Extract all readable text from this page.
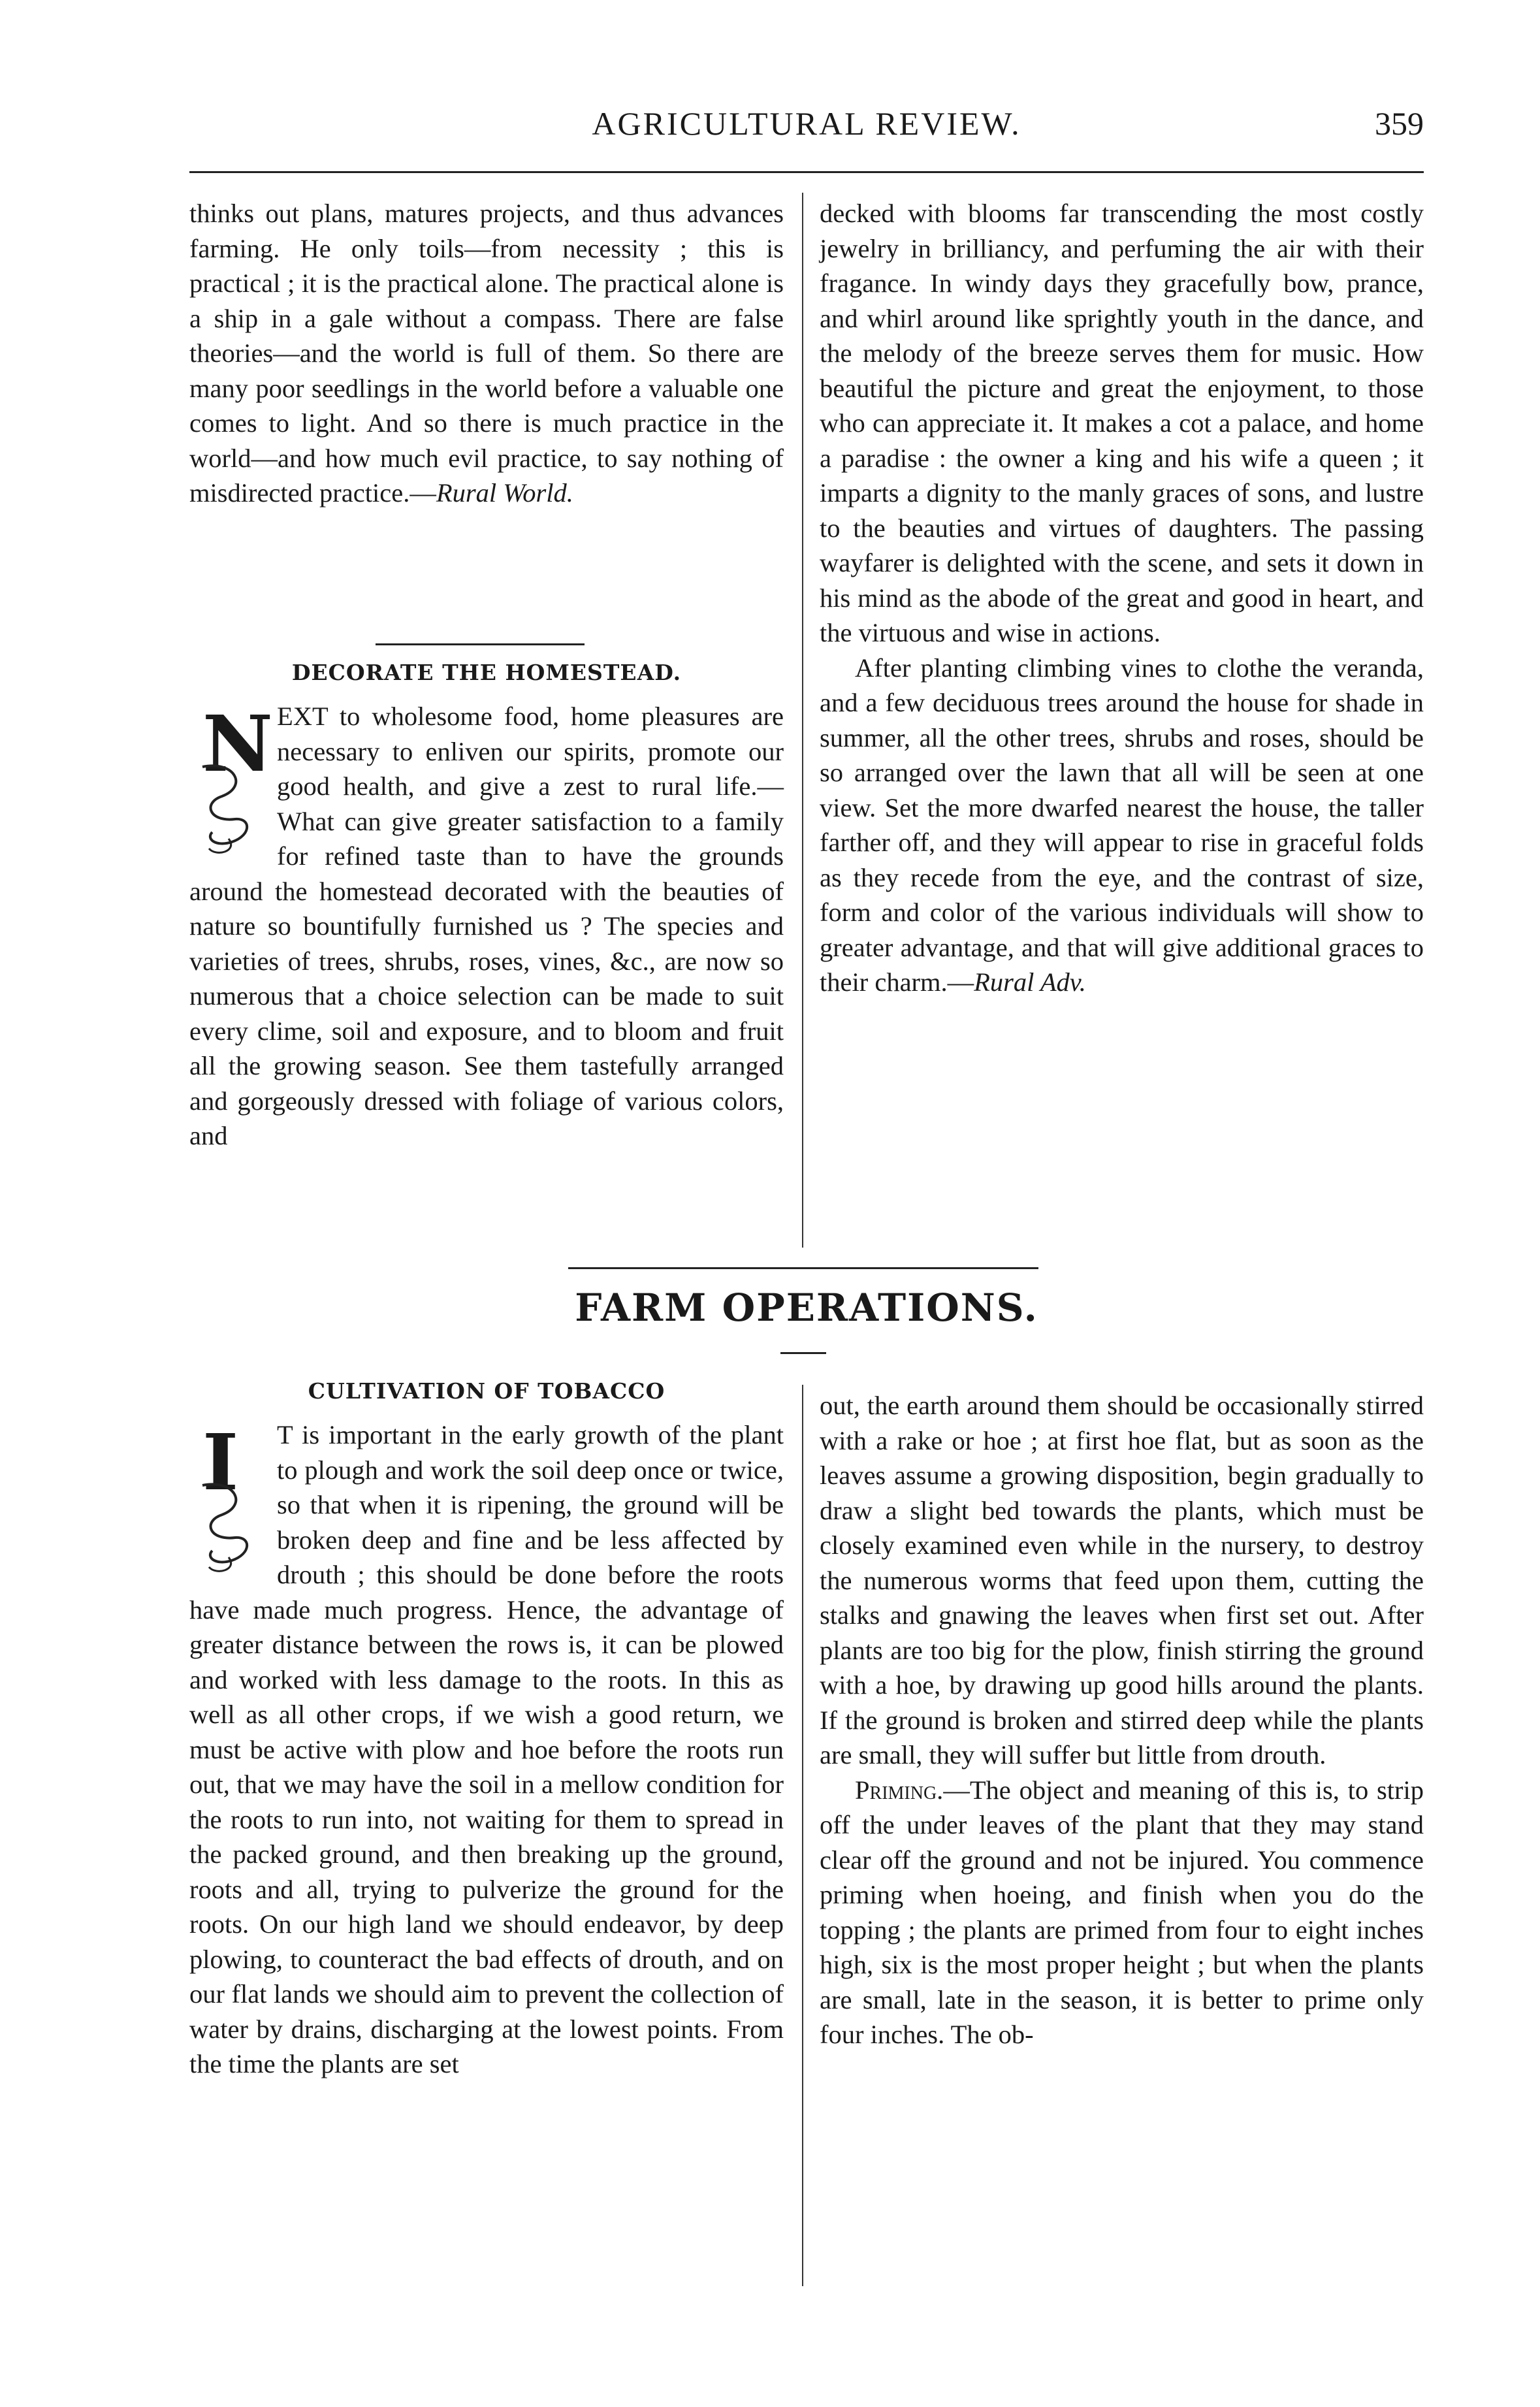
AGRICULTURAL REVIEW.	359

thinks out plans, matures projects, and thus advances farming. He only toils—from necessity ; this is practical ; it is the practical alone. The practical alone is a ship in a gale without a compass. There are false theories—and the world is full of them. So there are many poor seedlings in the world before a valuable one comes to light. And so there is much practice in the world—and how much evil practice, to say nothing of misdirected practice.—Rural World.

DECORATE THE HOMESTEAD.
N EXT to wholesome food, home pleasures are necessary to enliven our spirits, promote our good health, and give a zest to rural life.—What can give greater satisfaction to a family for refined taste than to have the grounds around the homestead decorated with the beauties of nature so bountifully furnished us ? The species and varieties of trees, shrubs, roses, vines, &c., are now so numerous that a choice selection can be made to suit every clime, soil and exposure, and to bloom and fruit all the growing season. See them tastefully arranged and gorgeously dressed with foliage of various colors, and

decked with blooms far transcending the most costly jewelry in brilliancy, and perfuming the air with their fragance. In windy days they gracefully bow, prance, and whirl around like sprightly youth in the dance, and the melody of the breeze serves them for music. How beautiful the picture and great the enjoyment, to those who can appreciate it. It makes a cot a palace, and home a paradise : the owner a king and his wife a queen ; it imparts a dignity to the manly graces of sons, and lustre to the beauties and virtues of daughters. The passing wayfarer is delighted with the scene, and sets it down in his mind as the abode of the great and good in heart, and the virtuous and wise in actions.

After planting climbing vines to clothe the veranda, and a few deciduous trees around the house for shade in summer, all the other trees, shrubs and roses, should be so arranged over the lawn that all will be seen at one view. Set the more dwarfed nearest the house, the taller farther off, and they will appear to rise in graceful folds as they recede from the eye, and the contrast of size, form and color of the various individuals will show to greater advantage, and that will give additional graces to their charm.—Rural Adv.

FARM OPERATIONS.
CULTIVATION OF TOBACCO
I	T is important in the early growth of the plant to plough and work the soil deep once or twice, so that when it is ripening, the ground will be broken deep and fine and be less affected by drouth ; this should be done before the roots have made much progress. Hence, the advantage of greater distance between the rows is, it can be plowed and worked with less damage to the roots. In this as well as all other crops, if we wish a good return, we must be active with plow and hoe before the roots run out, that we may have the soil in a mellow condition for the roots to run into, not waiting for them to spread in the packed ground, and then breaking up the ground, roots and all, trying to pulverize the ground for the roots. On our high land we should endeavor, by deep plowing, to counteract the bad effects of drouth, and on our flat lands we should aim to prevent the collection of water by drains, discharging at the lowest points. From the time the plants are set

out, the earth around them should be occasionally stirred with a rake or hoe ; at first hoe flat, but as soon as the leaves assume a growing disposition, begin gradually to draw a slight bed towards the plants, which must be closely examined even while in the nursery, to destroy the numerous worms that feed upon them, cutting the stalks and gnawing the leaves when first set out. After plants are too big for the plow, finish stirring the ground with a hoe, by drawing up good hills around the plants. If the ground is broken and stirred deep while the plants are small, they will suffer but little from drouth.

Priming.—The object and meaning of this is, to strip off the under leaves of the plant that they may stand clear off the ground and not be injured. You commence priming when hoeing, and finish when you do the topping ; the plants are primed from four to eight inches high, six is the most proper height ; but when the plants are small, late in the season, it is better to prime only four inches. The ob-
